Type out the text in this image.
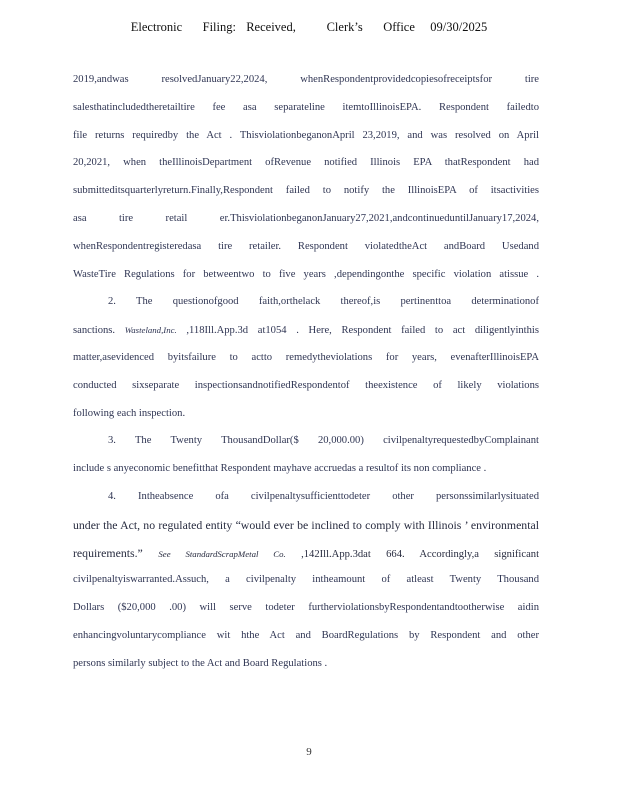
Electronic    Filing:  Received,      Clerk’s    Office   09/30/2025
2019,andwas resolvedJanuary22,2024, whenRespondentprovidedcopiesofreceiptsfor tire
salesthatincludedtheretailtire fee asa separateline itemtoIllinoisEPA. Respondent failedto
file returns requiredby the Act . ThisviolationbeganonApril 23,2019, and was resolved on April
20,2021, when theIllinoisDepartment ofRevenue notified Illinois EPA thatRespondent had
submitteditsquarterlyreturn.Finally,Respondent failed to notify the IllinoisEPA of itsactivities
asa tire retail er.ThisviolationbeganonJanuary27,2021,andcontinueduntilJanuary17,2024,
whenRespondentregisteredasa tire retailer. Respondent violatedtheAct andBoard Usedand
WasteTire Regulations for betweentwo to five years ,dependingonthe specific violation atissue .
2. The questionofgood faith,orthelack thereof,is pertinenttoa determinationof
sanctions. Wasteland,Inc. ,118Ill.App.3d at1054 . Here, Respondent failed to act diligentlyinthis
matter,asevidenced byitsfailure to actto remedytheviolations for years, evenafterIllinoisEPA
conducted sixseparate inspectionsandnotifiedRespondentof theexistence of likely violations
following each inspection.
3. The Twenty ThousandDollar($ 20,000.00) civilpenaltyrequestedbyComplainant
include s anyeconomic benefitthat Respondent mayhave accruedas a resultof its non compliance .
4. Intheabsence ofa civilpenaltysufficienttodeter other personssimilarlysituated
under the Act, no regulated entity “would ever be inclined to comply with Illinois ’ environmental
requirements.” See StandardScrapMetal Co. ,142Ill.App.3dat 664. Accordingly,a significant
civilpenaltyiswarranted.Assuch, a civilpenalty intheamount of atleast Twenty Thousand
Dollars ($20,000 .00) will serve todeter furtherviolationsbyRespondentandtootherwise aidin
enhancingvoluntarycompliance wit hthe Act and BoardRegulations by Respondent and other
persons similarly subject to the Act and Board Regulations .
9
